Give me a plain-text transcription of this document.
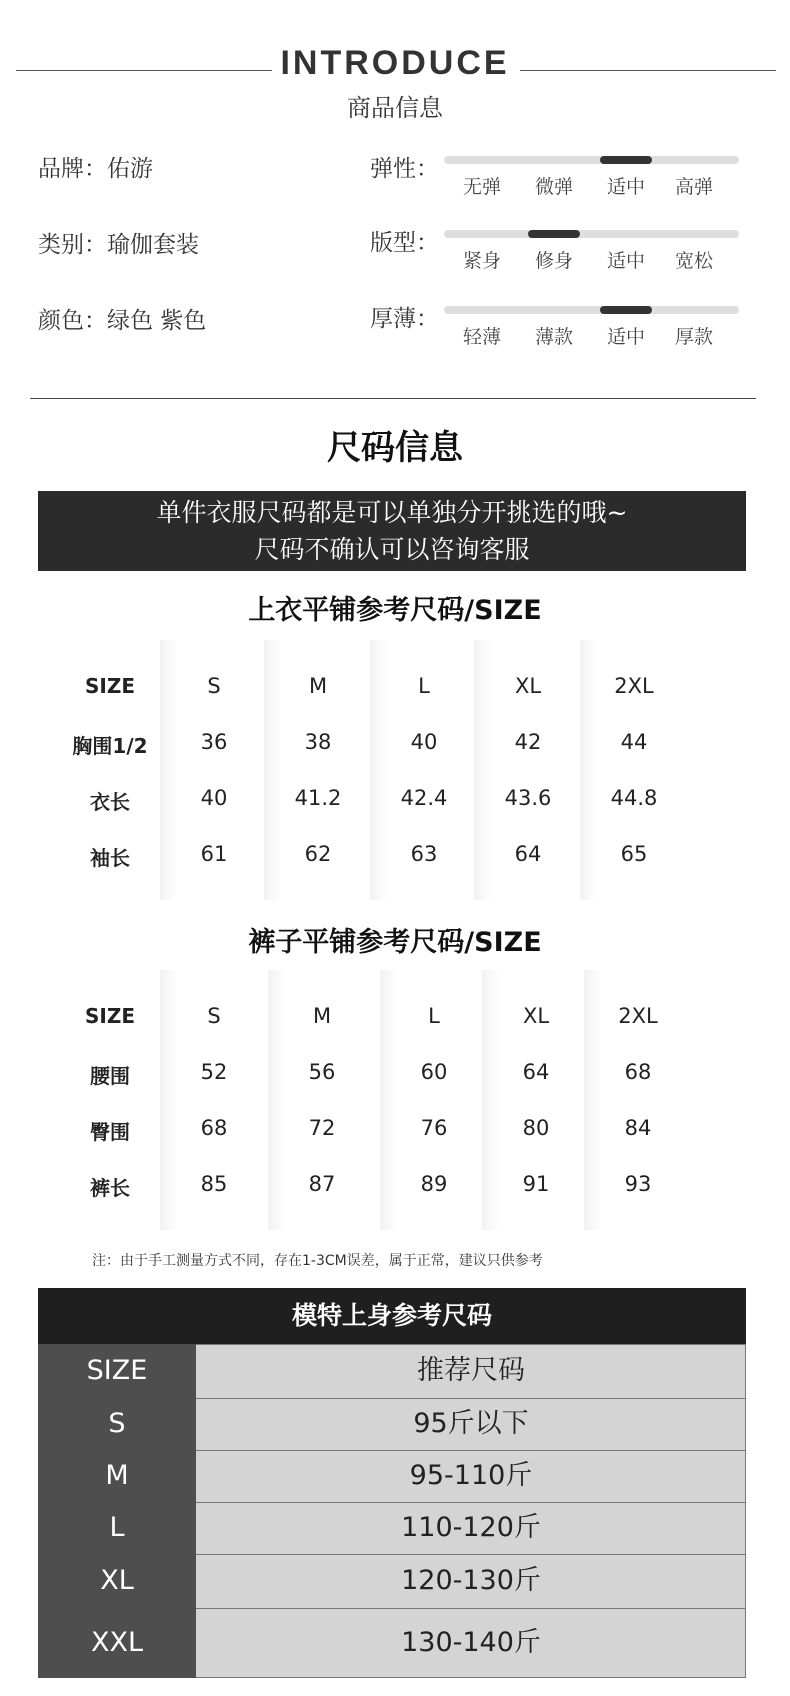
INTRODUCE
商品信息
品牌：佑游
类别：瑜伽套装
颜色：绿色 紫色
弹性：
无弹	微弹	适中	高弹
版型：
紧身	修身	适中	宽松
厚薄：
轻薄	薄款	适中	厚款
尺码信息
单件衣服尺码都是可以单独分开挑选的哦~
尺码不确认可以咨询客服
上衣平铺参考尺码/SIZE
SIZE	S	M	L	XL	2XL
胸围1/2	36	38	40	42	44
衣长	40	41.2	42.4	43.6	44.8
袖长	61	62	63	64	65
裤子平铺参考尺码/SIZE
SIZE	S	M	L	XL	2XL
腰围	52	56	60	64	68
臀围	68	72	76	80	84
裤长	85	87	89	91	93
注：由于手工测量方式不同，存在1-3CM误差，属于正常，建议只供参考
模特上身参考尺码
SIZE	推荐尺码
S	95斤以下
M	95-110斤
L	110-120斤
XL	120-130斤
XXL	130-140斤
